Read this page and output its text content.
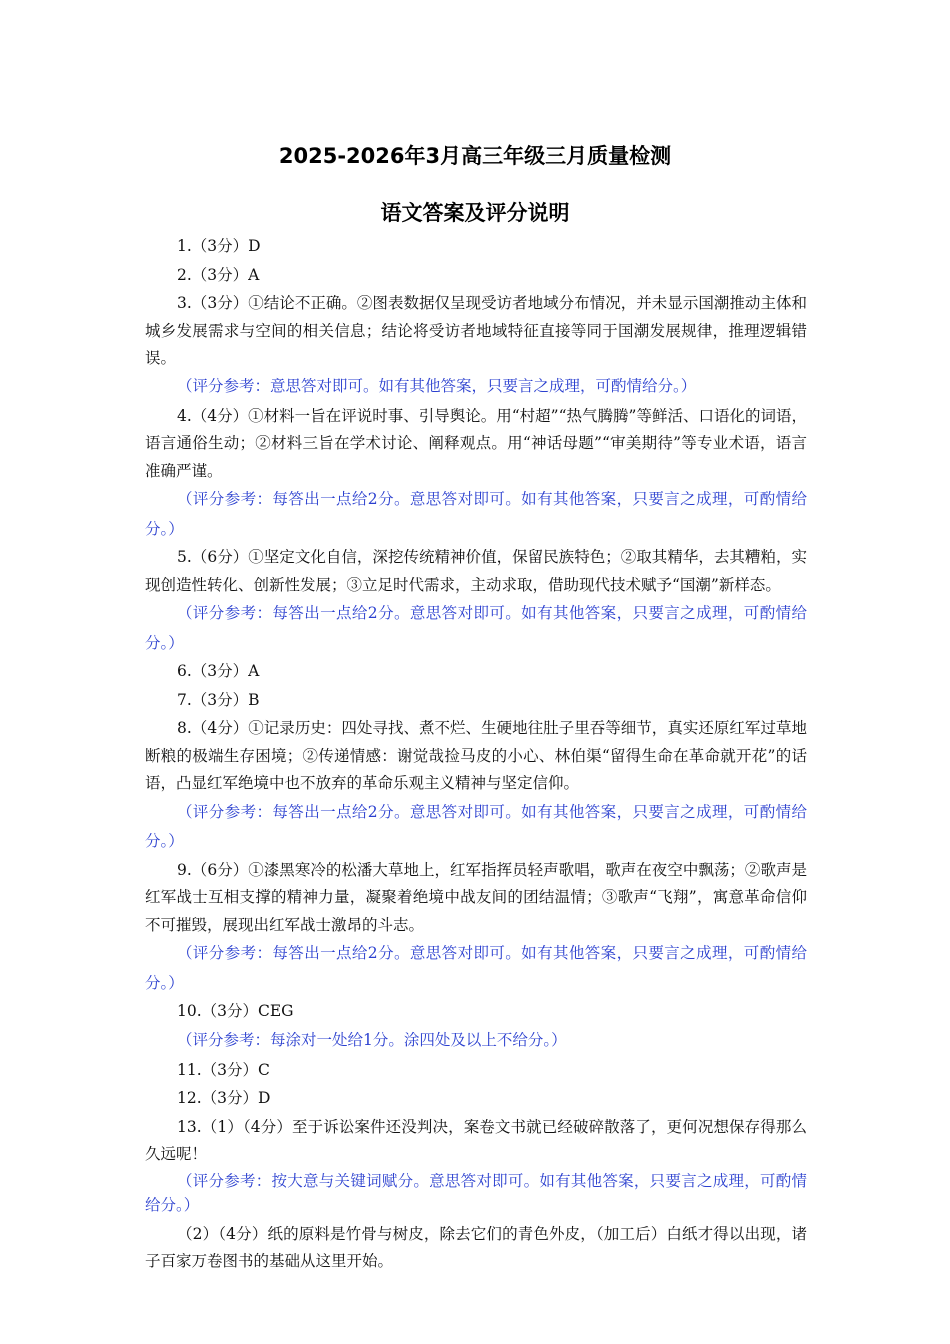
2025-2026年3月高三年级三月质量检测
语文答案及评分说明

1.（3分）D

2.（3分）A

3.（3分）①结论不正确。②图表数据仅呈现受访者地域分布情况，并未显示国潮推动主体和城乡发展需求与空间的相关信息；结论将受访者地域特征直接等同于国潮发展规律，推理逻辑错误。

（评分参考：意思答对即可。如有其他答案，只要言之成理，可酌情给分。）

4.（4分）①材料一旨在评说时事、引导舆论。用“村超”“热气腾腾”等鲜活、口语化的词语，语言通俗生动；②材料三旨在学术讨论、阐释观点。用“神话母题”“审美期待”等专业术语，语言准确严谨。

（评分参考：每答出一点给2分。意思答对即可。如有其他答案，只要言之成理，可酌情给分。）

5.（6分）①坚定文化自信，深挖传统精神价值，保留民族特色；②取其精华，去其糟粕，实现创造性转化、创新性发展；③立足时代需求，主动求取，借助现代技术赋予“国潮”新样态。

（评分参考：每答出一点给2分。意思答对即可。如有其他答案，只要言之成理，可酌情给分。）

6.（3分）A

7.（3分）B

8.（4分）①记录历史：四处寻找、煮不烂、生硬地往肚子里吞等细节，真实还原红军过草地断粮的极端生存困境；②传递情感：谢觉哉捡马皮的小心、林伯渠“留得生命在革命就开花”的话语，凸显红军绝境中也不放弃的革命乐观主义精神与坚定信仰。

（评分参考：每答出一点给2分。意思答对即可。如有其他答案，只要言之成理，可酌情给分。）

9.（6分）①漆黑寒冷的松潘大草地上，红军指挥员轻声歌唱，歌声在夜空中飘荡；②歌声是红军战士互相支撑的精神力量，凝聚着绝境中战友间的团结温情；③歌声“飞翔”，寓意革命信仰不可摧毁，展现出红军战士激昂的斗志。

（评分参考：每答出一点给2分。意思答对即可。如有其他答案，只要言之成理，可酌情给分。）

10.（3分）CEG

（评分参考：每涂对一处给1分。涂四处及以上不给分。）

11.（3分）C

12.（3分）D

13.（1）（4分）至于诉讼案件还没判决，案卷文书就已经破碎散落了，更何况想保存得那么久远呢！

（评分参考：按大意与关键词赋分。意思答对即可。如有其他答案，只要言之成理，可酌情给分。）

（2）（4分）纸的原料是竹骨与树皮，除去它们的青色外皮，（加工后）白纸才得以出现，诸子百家万卷图书的基础从这里开始。
